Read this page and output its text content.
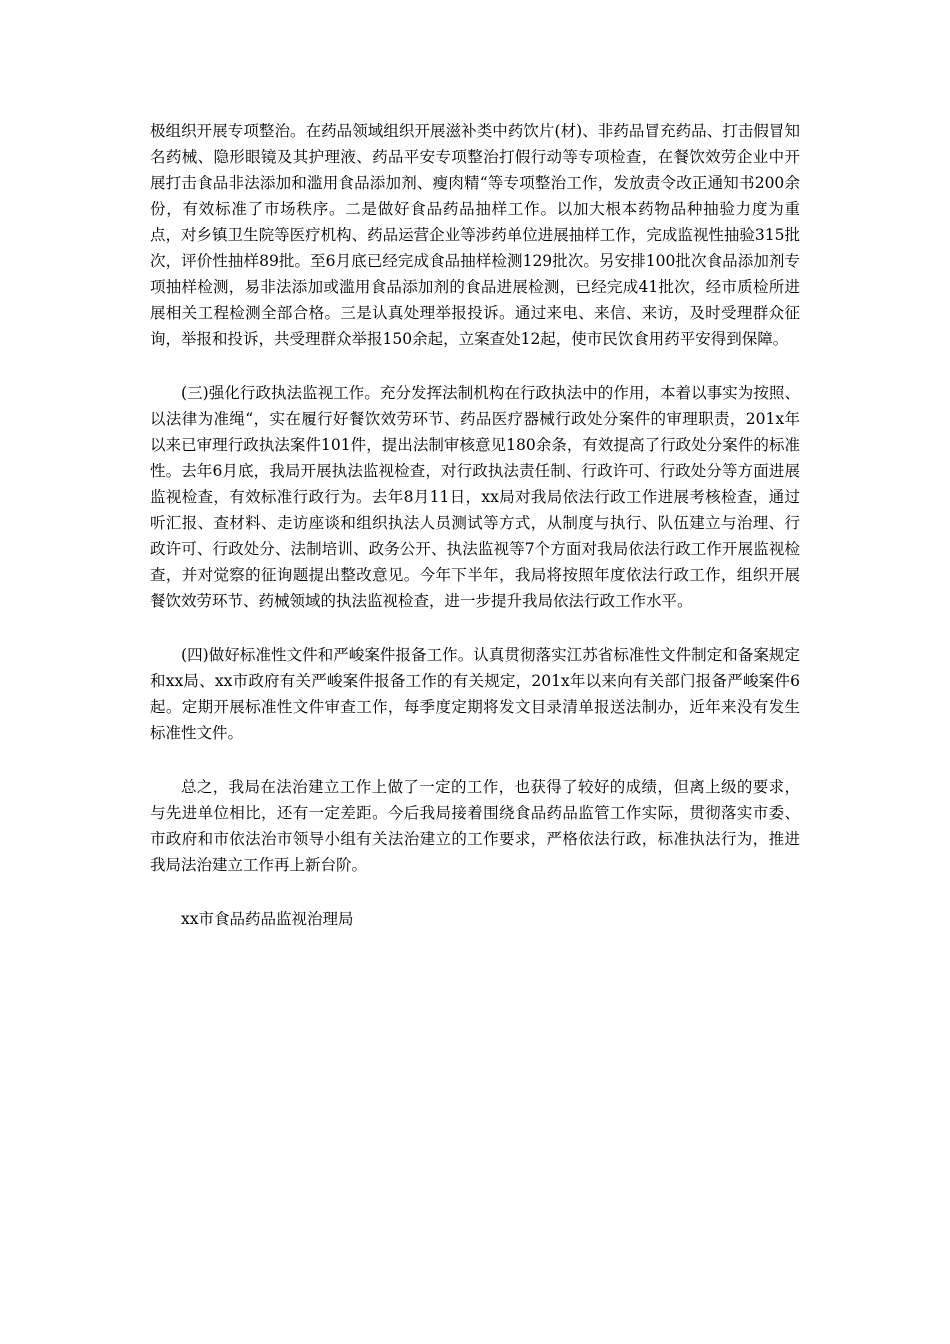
极组织开展专项整治。在药品领域组织开展滋补类中药饮片(材)、非药品冒充药品、打击假冒知名药械、隐形眼镜及其护理液、药品平安专项整治打假行动等专项检查，在餐饮效劳企业中开展打击食品非法添加和滥用食品添加剂、瘦肉精“等专项整治工作，发放责令改正通知书200余份，有效标准了市场秩序。二是做好食品药品抽样工作。以加大根本药物品种抽验力度为重点，对乡镇卫生院等医疗机构、药品运营企业等涉药单位进展抽样工作，完成监视性抽验315批次，评价性抽样89批。至6月底已经完成食品抽样检测129批次。另安排100批次食品添加剂专项抽样检测，易非法添加或滥用食品添加剂的食品进展检测，已经完成41批次，经市质检所进展相关工程检测全部合格。三是认真处理举报投诉。通过来电、来信、来访，及时受理群众征询，举报和投诉，共受理群众举报150余起，立案查处12起，使市民饮食用药平安得到保障。

(三)强化行政执法监视工作。充分发挥法制机构在行政执法中的作用，本着以事实为按照、以法律为准绳“，实在履行好餐饮效劳环节、药品医疗器械行政处分案件的审理职责，201x年以来已审理行政执法案件101件，提出法制审核意见180余条，有效提高了行政处分案件的标准性。去年6月底，我局开展执法监视检查，对行政执法责任制、行政许可、行政处分等方面进展监视检查，有效标准行政行为。去年8月11日，xx局对我局依法行政工作进展考核检查，通过听汇报、查材料、走访座谈和组织执法人员测试等方式，从制度与执行、队伍建立与治理、行政许可、行政处分、法制培训、政务公开、执法监视等7个方面对我局依法行政工作开展监视检查，并对觉察的征询题提出整改意见。今年下半年，我局将按照年度依法行政工作，组织开展餐饮效劳环节、药械领域的执法监视检查，进一步提升我局依法行政工作水平。

(四)做好标准性文件和严峻案件报备工作。认真贯彻落实江苏省标准性文件制定和备案规定和xx局、xx市政府有关严峻案件报备工作的有关规定，201x年以来向有关部门报备严峻案件6起。定期开展标准性文件审查工作，每季度定期将发文目录清单报送法制办，近年来没有发生标准性文件。

总之，我局在法治建立工作上做了一定的工作，也获得了较好的成绩，但离上级的要求，与先进单位相比，还有一定差距。今后我局接着围绕食品药品监管工作实际，贯彻落实市委、市政府和市依法治市领导小组有关法治建立的工作要求，严格依法行政，标准执法行为，推进我局法治建立工作再上新台阶。

xx市食品药品监视治理局
